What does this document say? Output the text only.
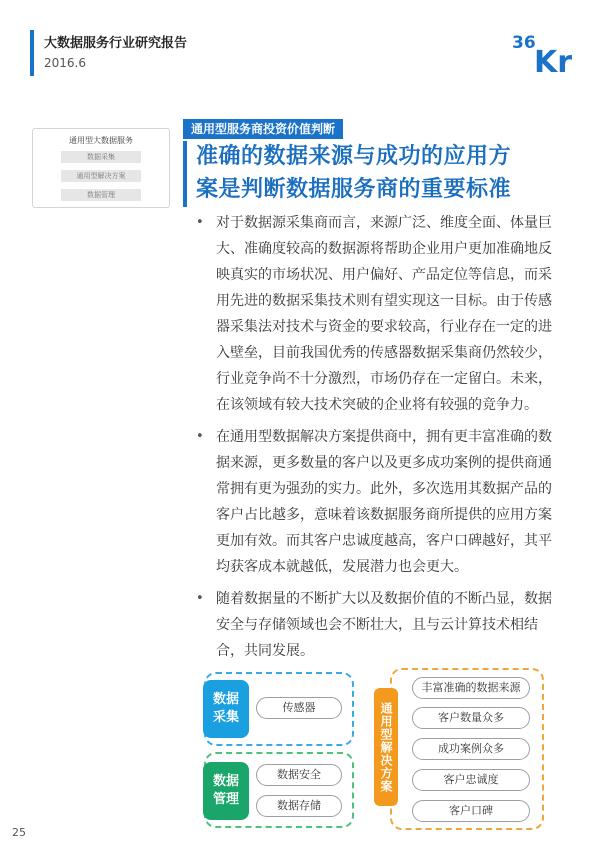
大数据服务行业研究报告
2016.6
36
Kr
通用型大数据服务
数据采集
通用型解决方案
数据管理
通用型服务商投资价值判断
准确的数据来源与成功的应用方
案是判断数据服务商的重要标准
• 对于数据源采集商而言，来源广泛、维度全面、体量巨大、准确度较高的数据源将帮助企业用户更加准确地反映真实的市场状况、用户偏好、产品定位等信息，而采用先进的数据采集技术则有望实现这一目标。由于传感器采集法对技术与资金的要求较高，行业存在一定的进入壁垒，目前我国优秀的传感器数据采集商仍然较少，行业竞争尚不十分激烈，市场仍存在一定留白。未来，在该领域有较大技术突破的企业将有较强的竞争力。
• 在通用型数据解决方案提供商中，拥有更丰富准确的数据来源，更多数量的客户以及更多成功案例的提供商通常拥有更为强劲的实力。此外，多次选用其数据产品的客户占比越多，意味着该数据服务商所提供的应用方案更加有效。而其客户忠诚度越高，客户口碑越好，其平均获客成本就越低，发展潜力也会更大。
• 随着数据量的不断扩大以及数据价值的不断凸显，数据安全与存储领域也会不断壮大，且与云计算技术相结合，共同发展。
数据
采集
传感器
数据
管理
数据安全
数据存储
通用型解决方案
丰富准确的数据来源
客户数量众多
成功案例众多
客户忠诚度
客户口碑
25
